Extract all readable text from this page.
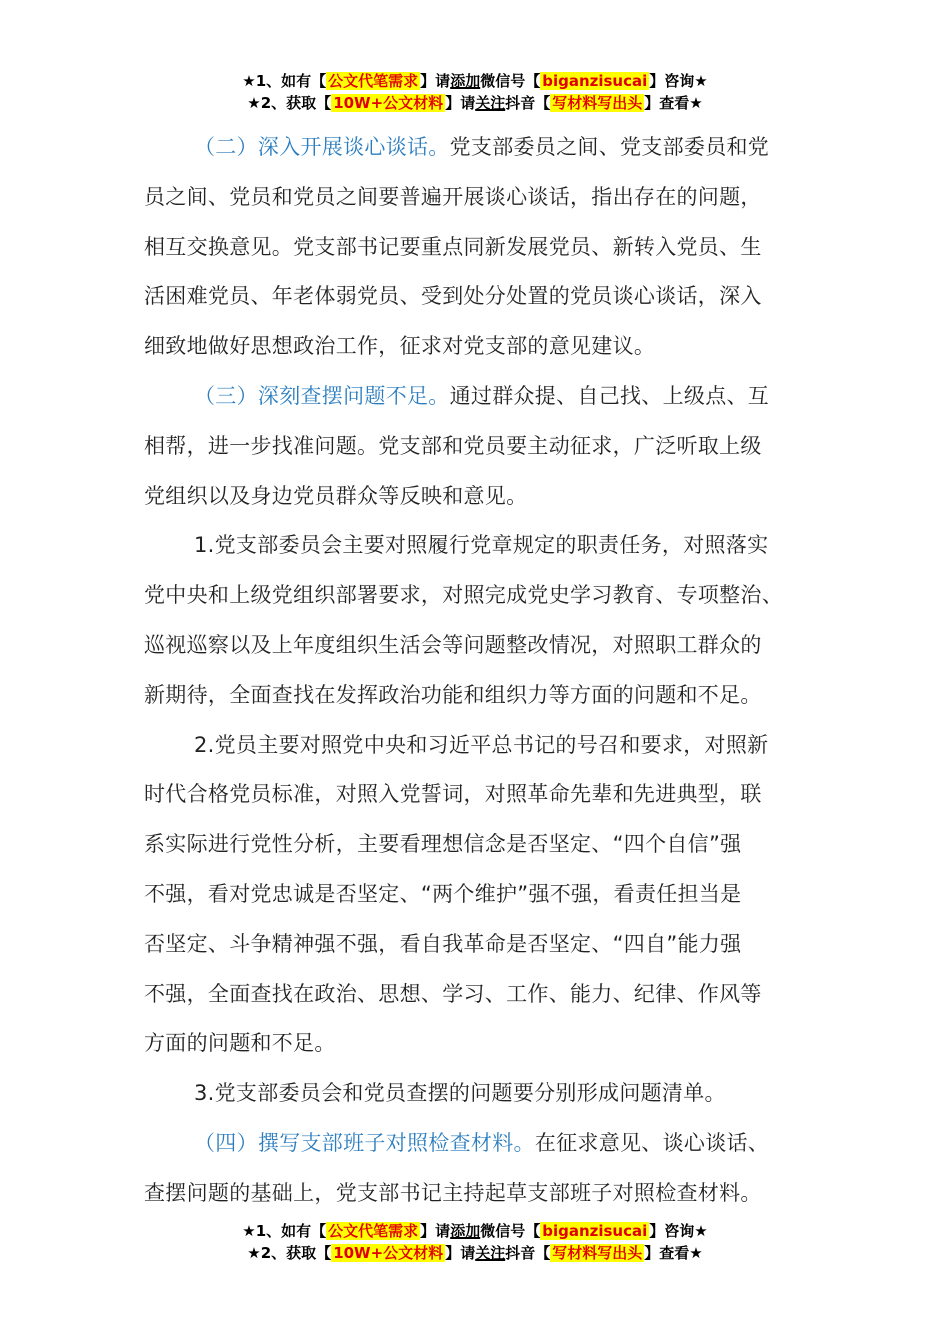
★1、如有【 公文代笔需求 】请添加微信号【 biganzisucai 】咨询★
★2、获取【 10W+公文材料 】请关注抖音【 写材料写出头 】查看★

（二）深入开展谈心谈话。党支部委员之间、党支部委员和党
员之间、党员和党员之间要普遍开展谈心谈话，指出存在的问题，
相互交换意见。党支部书记要重点同新发展党员、新转入党员、生
活困难党员、年老体弱党员、受到处分处置的党员谈心谈话，深入
细致地做好思想政治工作，征求对党支部的意见建议。

（三）深刻查摆问题不足。通过群众提、自己找、上级点、互
相帮，进一步找准问题。党支部和党员要主动征求，广泛听取上级
党组织以及身边党员群众等反映和意见。

1.党支部委员会主要对照履行党章规定的职责任务，对照落实
党中央和上级党组织部署要求，对照完成党史学习教育、专项整治、
巡视巡察以及上年度组织生活会等问题整改情况，对照职工群众的
新期待，全面查找在发挥政治功能和组织力等方面的问题和不足。

2.党员主要对照党中央和习近平总书记的号召和要求，对照新
时代合格党员标准，对照入党誓词，对照革命先辈和先进典型，联
系实际进行党性分析，主要看理想信念是否坚定、“四个自信”强
不强，看对党忠诚是否坚定、“两个维护”强不强，看责任担当是
否坚定、斗争精神强不强，看自我革命是否坚定、“四自”能力强
不强，全面查找在政治、思想、学习、工作、能力、纪律、作风等
方面的问题和不足。

3.党支部委员会和党员查摆的问题要分别形成问题清单。

（四）撰写支部班子对照检查材料。在征求意见、谈心谈话、
查摆问题的基础上，党支部书记主持起草支部班子对照检查材料。

★1、如有【 公文代笔需求 】请添加微信号【 biganzisucai 】咨询★
★2、获取【 10W+公文材料 】请关注抖音【 写材料写出头 】查看★
